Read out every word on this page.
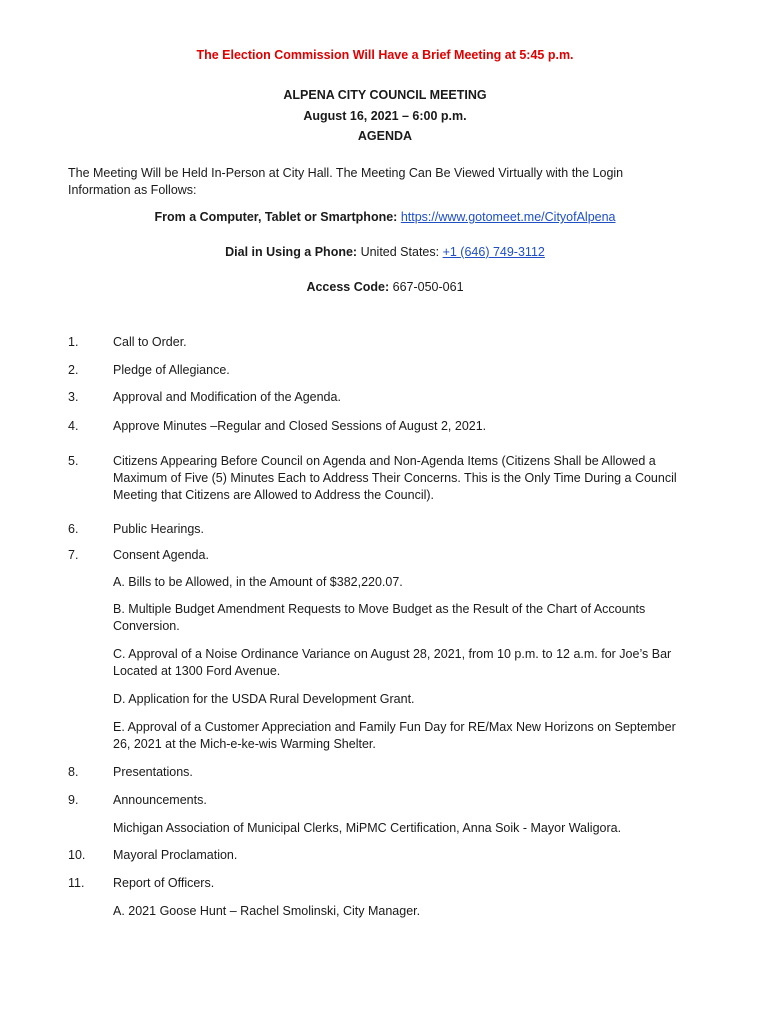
The Election Commission Will Have a Brief Meeting at 5:45 p.m.
ALPENA CITY COUNCIL MEETING
August 16, 2021 – 6:00 p.m.
AGENDA
The Meeting Will be Held In-Person at City Hall. The Meeting Can Be Viewed Virtually with the Login Information as Follows:
From a Computer, Tablet or Smartphone: https://www.gotomeet.me/CityofAlpena
Dial in Using a Phone: United States: +1 (646) 749-3112
Access Code: 667-050-061
1.	Call to Order.
2.	Pledge of Allegiance.
3.	Approval and Modification of the Agenda.
4.	Approve Minutes –Regular and Closed Sessions of August 2, 2021.
5.	Citizens Appearing Before Council on Agenda and Non-Agenda Items (Citizens Shall be Allowed a Maximum of Five (5) Minutes Each to Address Their Concerns. This is the Only Time During a Council Meeting that Citizens are Allowed to Address the Council).
6.	Public Hearings.
7.	Consent Agenda.
A. Bills to be Allowed, in the Amount of $382,220.07.
B. Multiple Budget Amendment Requests to Move Budget as the Result of the Chart of Accounts Conversion.
C. Approval of a Noise Ordinance Variance on August 28, 2021, from 10 p.m. to 12 a.m. for Joe’s Bar Located at 1300 Ford Avenue.
D. Application for the USDA Rural Development Grant.
E. Approval of a Customer Appreciation and Family Fun Day for RE/Max New Horizons on September 26, 2021 at the Mich-e-ke-wis Warming Shelter.
8.	Presentations.
9.	Announcements.
Michigan Association of Municipal Clerks, MiPMC Certification, Anna Soik - Mayor Waligora.
10. Mayoral Proclamation.
11. Report of Officers.
A. 2021 Goose Hunt – Rachel Smolinski, City Manager.
